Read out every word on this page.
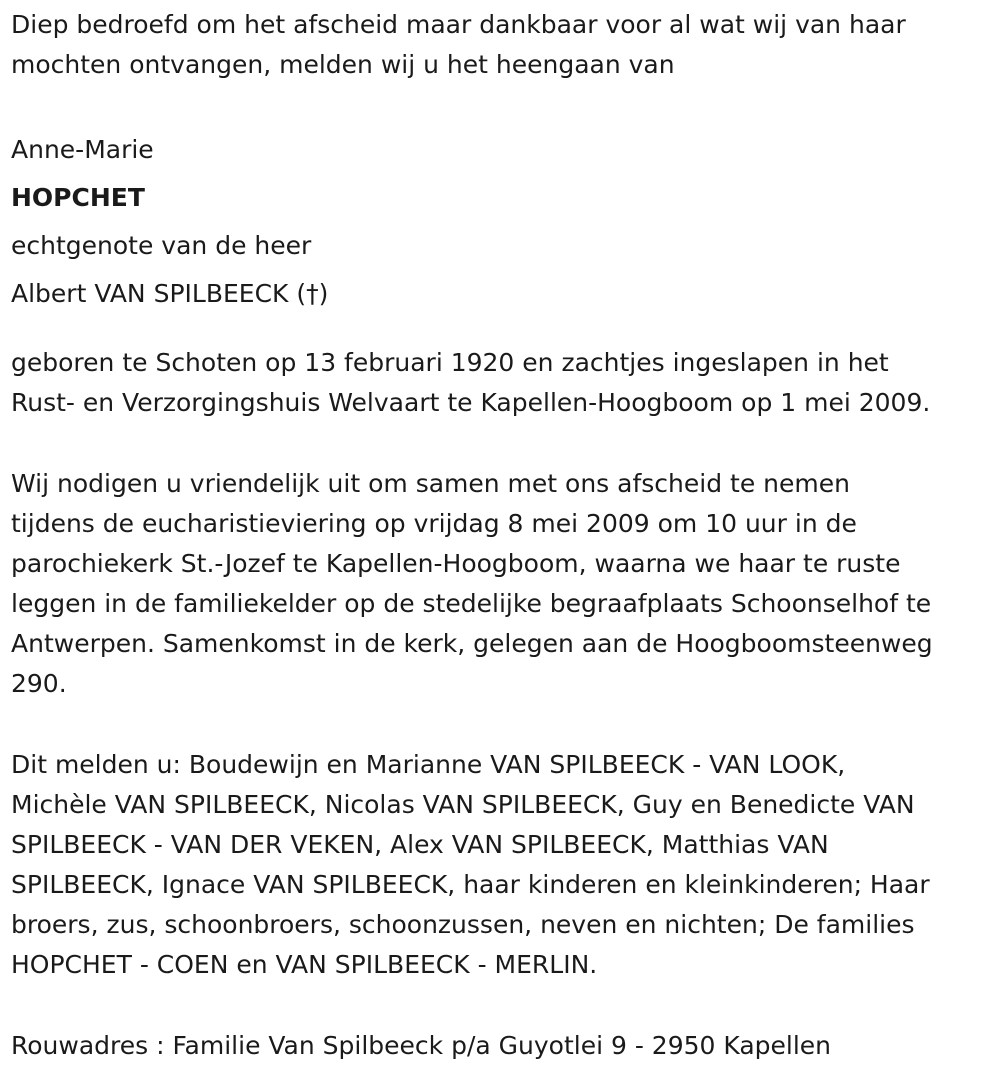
Diep bedroefd om het afscheid maar dankbaar voor al wat wij van haar
mochten ontvangen, melden wij u het heengaan van

Anne-Marie
HOPCHET
echtgenote van de heer
Albert VAN SPILBEECK (†)

geboren te Schoten op 13 februari 1920 en zachtjes ingeslapen in het
Rust- en Verzorgingshuis Welvaart te Kapellen-Hoogboom op 1 mei 2009.

Wij nodigen u vriendelijk uit om samen met ons afscheid te nemen
tijdens de eucharistieviering op vrijdag 8 mei 2009 om 10 uur in de
parochiekerk St.-Jozef te Kapellen-Hoogboom, waarna we haar te ruste
leggen in de familiekelder op de stedelijke begraafplaats Schoonselhof te
Antwerpen. Samenkomst in de kerk, gelegen aan de Hoogboomsteenweg
290.

Dit melden u: Boudewijn en Marianne VAN SPILBEECK - VAN LOOK,
Michèle VAN SPILBEECK, Nicolas VAN SPILBEECK, Guy en Benedicte VAN
SPILBEECK - VAN DER VEKEN, Alex VAN SPILBEECK, Matthias VAN
SPILBEECK, Ignace VAN SPILBEECK, haar kinderen en kleinkinderen; Haar
broers, zus, schoonbroers, schoonzussen, neven en nichten; De families
HOPCHET - COEN en VAN SPILBEECK - MERLIN.

Rouwadres : Familie Van Spilbeeck p/a Guyotlei 9 - 2950 Kapellen
